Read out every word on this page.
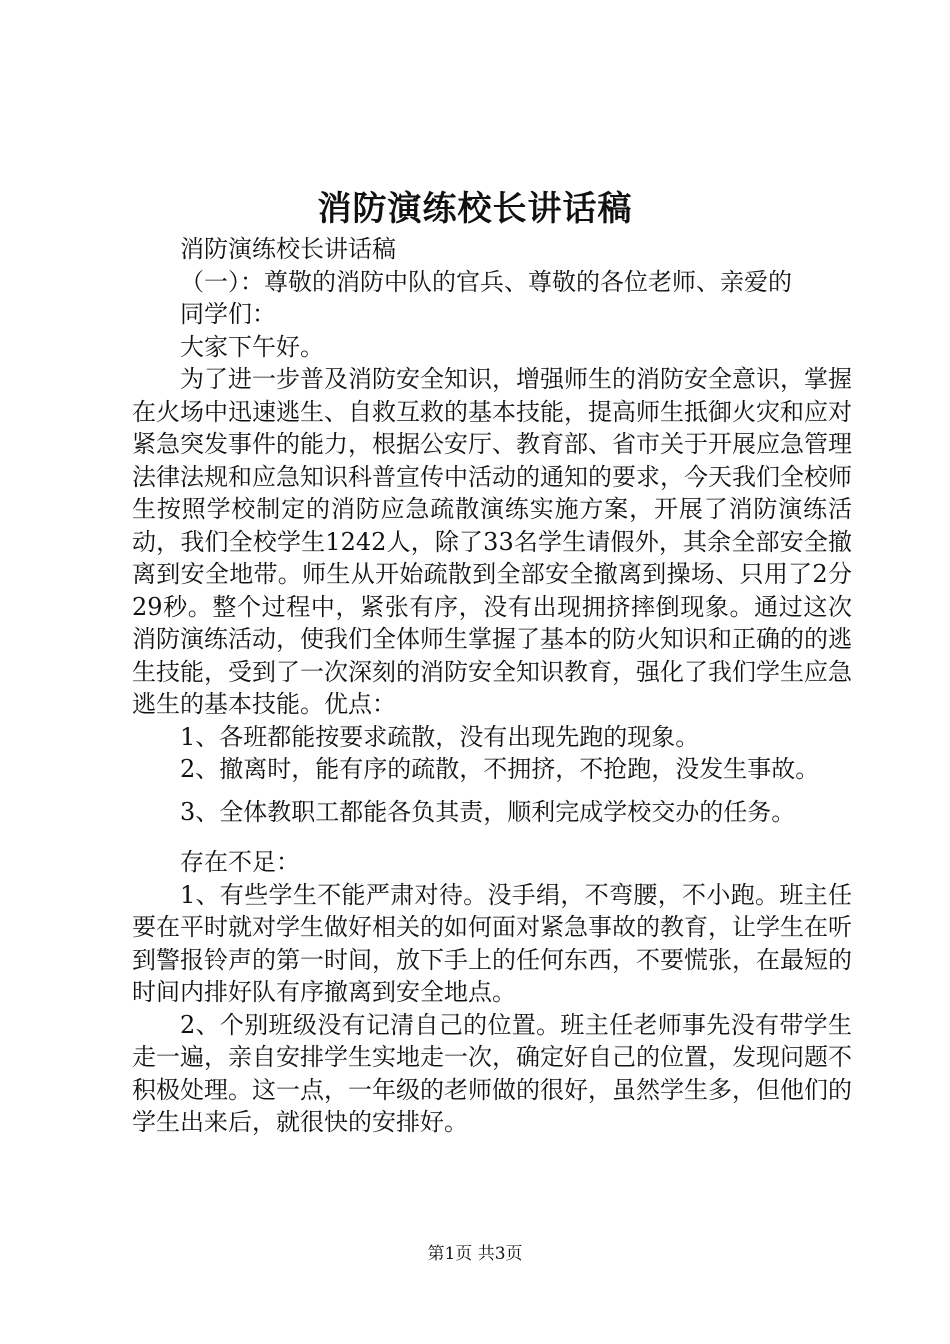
消防演练校长讲话稿

消防演练校长讲话稿

（一）：尊敬的消防中队的官兵、尊敬的各位老师、亲爱的

同学们：

大家下午好。

为了进一步普及消防安全知识，增强师生的消防安全意识，掌握在火场中迅速逃生、自救互救的基本技能，提高师生抵御火灾和应对紧急突发事件的能力，根据公安厅、教育部、省市关于开展应急管理法律法规和应急知识科普宣传中活动的通知的要求，今天我们全校师生按照学校制定的消防应急疏散演练实施方案，开展了消防演练活动，我们全校学生1242人，除了33名学生请假外，其余全部安全撤离到安全地带。师生从开始疏散到全部安全撤离到操场、只用了2分29秒。整个过程中，紧张有序，没有出现拥挤摔倒现象。通过这次消防演练活动，使我们全体师生掌握了基本的防火知识和正确的的逃生技能，受到了一次深刻的消防安全知识教育，强化了我们学生应急逃生的基本技能。优点：

1、各班都能按要求疏散，没有出现先跑的现象。

2、撤离时，能有序的疏散，不拥挤，不抢跑，没发生事故。

3、全体教职工都能各负其责，顺利完成学校交办的任务。

存在不足：

1、有些学生不能严肃对待。没手绢，不弯腰，不小跑。班主任要在平时就对学生做好相关的如何面对紧急事故的教育，让学生在听到警报铃声的第一时间，放下手上的任何东西，不要慌张，在最短的时间内排好队有序撤离到安全地点。

2、个别班级没有记清自己的位置。班主任老师事先没有带学生走一遍，亲自安排学生实地走一次，确定好自己的位置，发现问题不积极处理。这一点，一年级的老师做的很好，虽然学生多，但他们的学生出来后，就很快的安排好。

第1页 共3页
